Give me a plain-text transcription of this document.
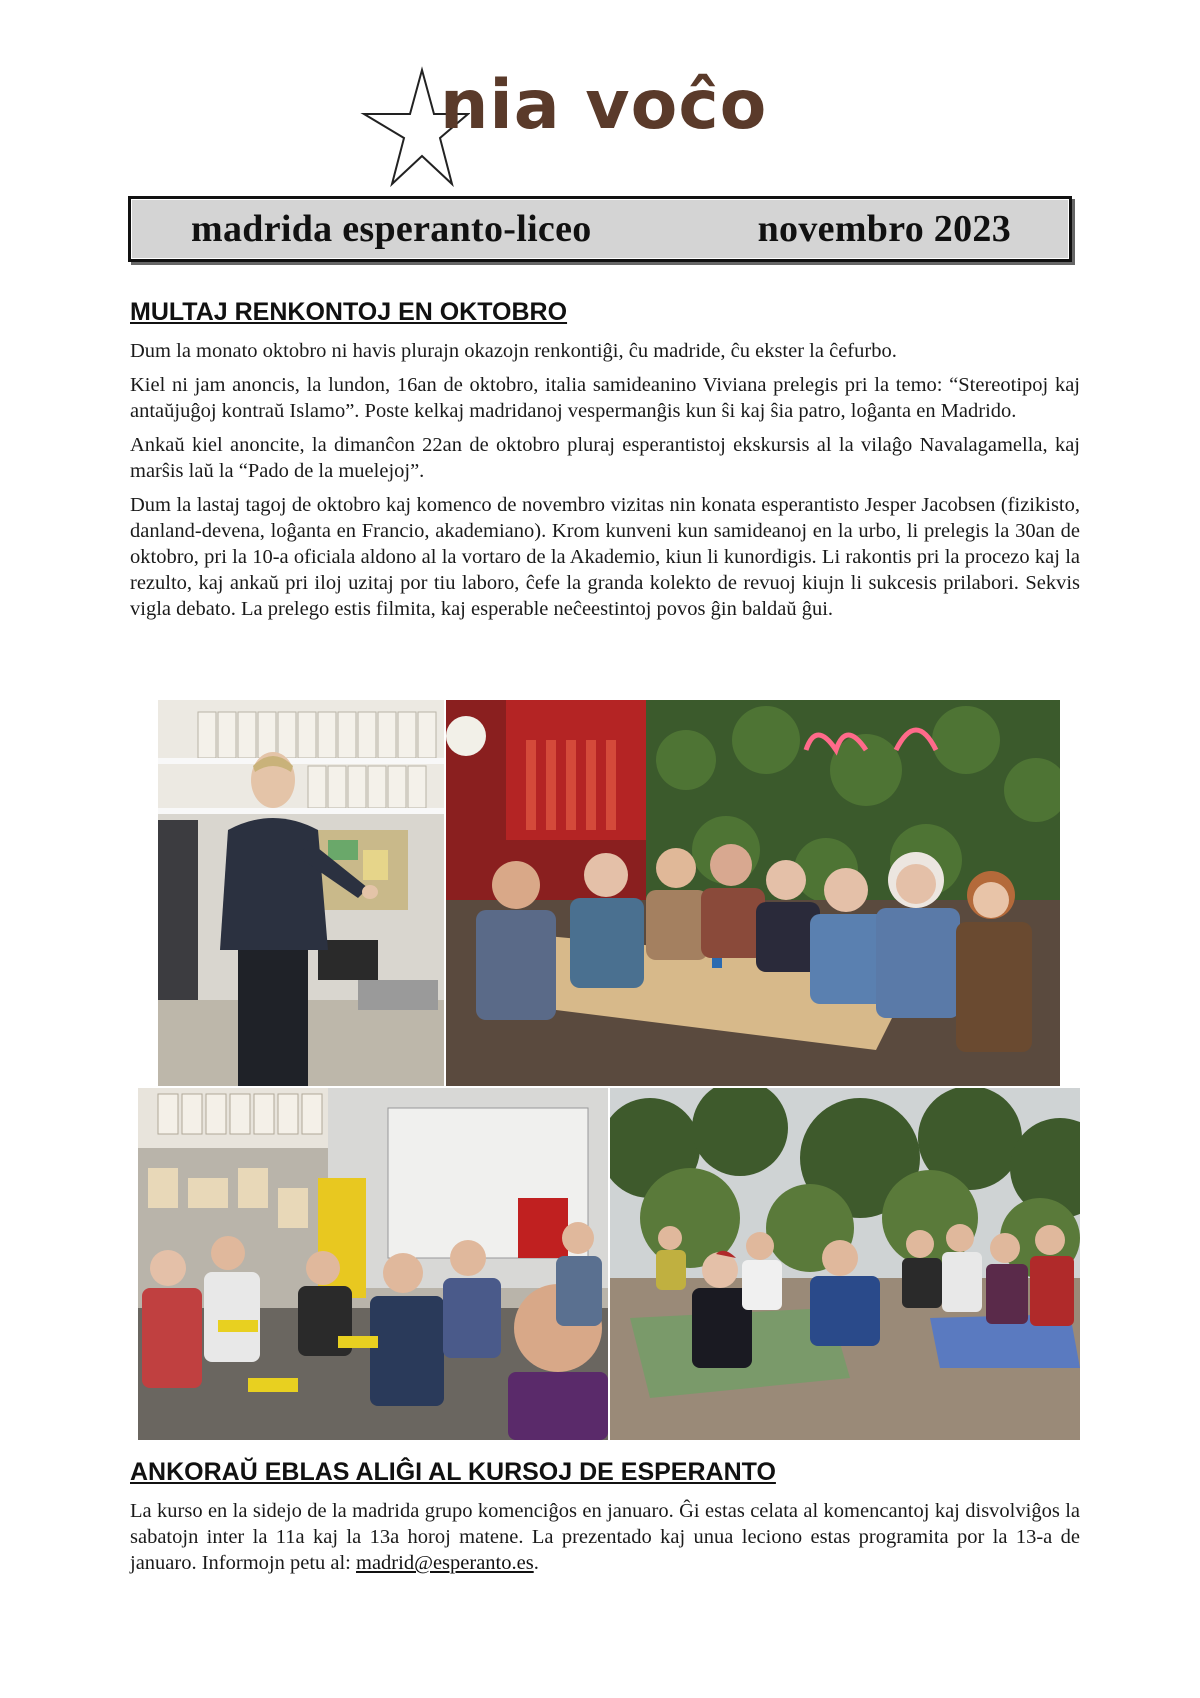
nia voĉo
madrida esperanto-liceo	novembro 2023
MULTAJ RENKONTOJ EN OKTOBRO

Dum la monato oktobro ni havis plurajn okazojn renkontiĝi, ĉu madride, ĉu ekster la ĉefurbo.

Kiel ni jam anoncis, la lundon, 16an de oktobro, italia samideanino Viviana prelegis pri la temo: “Stereotipoj kaj antaŭjuĝoj kontraŭ Islamo”. Poste kelkaj madridanoj vespermanĝis kun ŝi kaj ŝia patro, loĝanta en Madrido.

Ankaŭ kiel anoncite, la dimanĉon 22an de oktobro pluraj esperantistoj ekskursis al la vilaĝo Navalagamella, kaj marŝis laŭ la “Pado de la muelejoj”.

Dum la lastaj tagoj de oktobro kaj komenco de novembro vizitas nin konata esperantisto Jesper Jacobsen (fizikisto, danland-devena, loĝanta en Francio, akademiano). Krom kunveni kun samideanoj en la urbo, li prelegis la 30an de oktobro, pri la 10-a oficiala aldono al la vortaro de la Akademio, kiun li kunordigis. Li rakontis pri la procezo kaj la rezulto, kaj ankaŭ pri iloj uzitaj por tiu laboro, ĉefe la granda kolekto de revuoj kiujn li sukcesis prilabori. Sekvis vigla debato. La prelego estis filmita, kaj esperable neĉeestintoj povos ĝin baldaŭ ĝui.

ANKORAŬ EBLAS ALIĜI AL KURSOJ DE ESPERANTO

La kurso en la sidejo de la madrida grupo komenciĝos en januaro. Ĝi estas celata al komencantoj kaj disvolviĝos la sabatojn inter la 11a kaj la 13a horoj matene. La prezentado kaj unua leciono estas programita por la 13-a de januaro. Informojn petu al: madrid@esperanto.es.
